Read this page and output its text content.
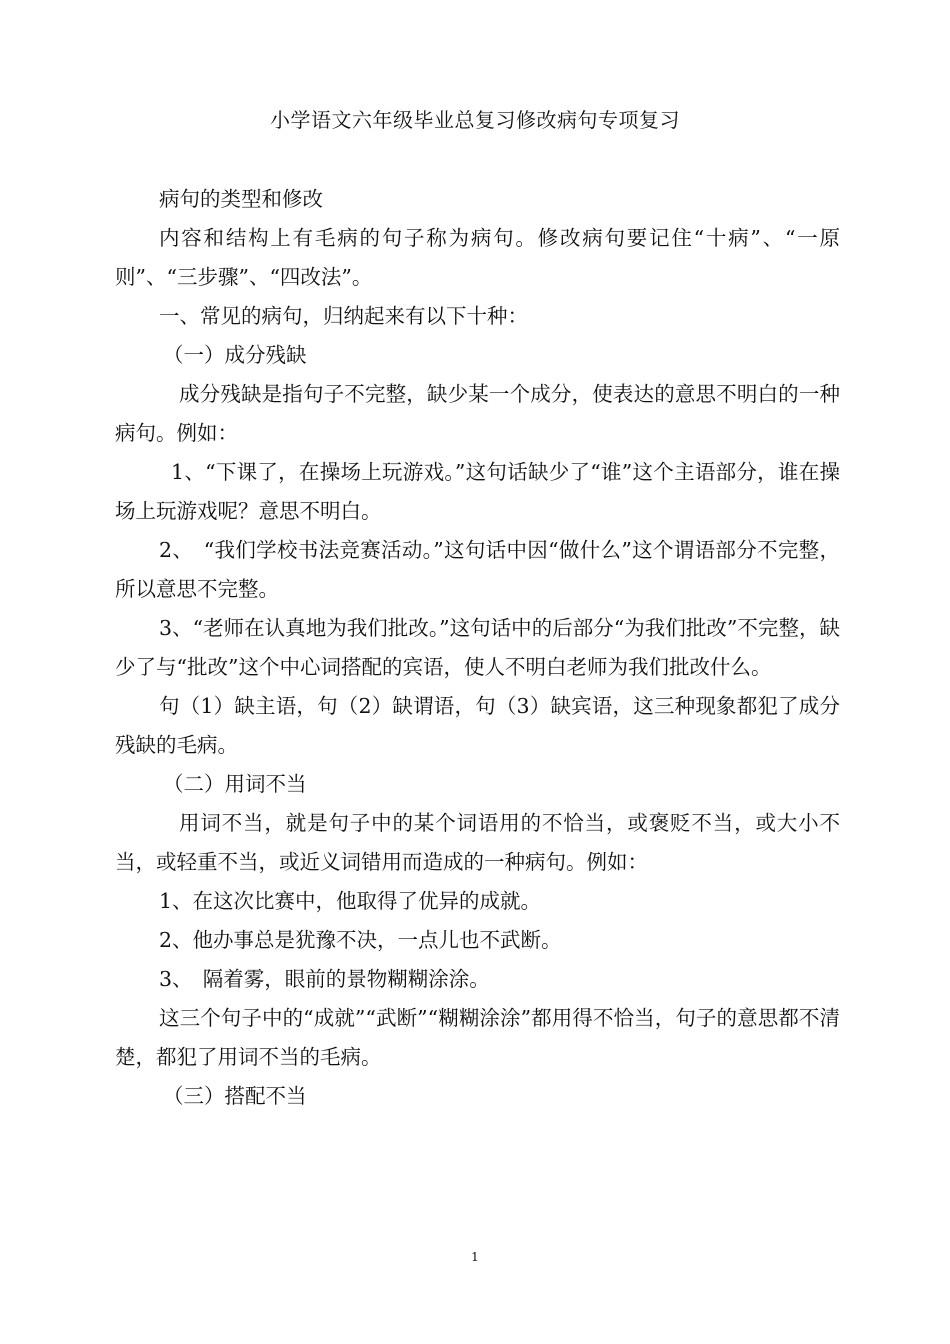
小学语文六年级毕业总复习修改病句专项复习

病句的类型和修改

内容和结构上有毛病的句子称为病句。修改病句要记住“十病”、“一原则”、“三步骤”、“四改法”。

一、常见的病句，归纳起来有以下十种：

（一）成分残缺

成分残缺是指句子不完整，缺少某一个成分，使表达的意思不明白的一种病句。例如：

1、“下课了，在操场上玩游戏。”这句话缺少了“谁”这个主语部分，谁在操场上玩游戏呢？意思不明白。

2、　“我们学校书法竞赛活动。”这句话中因“做什么”这个谓语部分不完整，所以意思不完整。

3、“老师在认真地为我们批改。”这句话中的后部分“为我们批改”不完整，缺少了与“批改”这个中心词搭配的宾语，使人不明白老师为我们批改什么。

句（1）缺主语，句（2）缺谓语，句（3）缺宾语，这三种现象都犯了成分残缺的毛病。

（二）用词不当

用词不当，就是句子中的某个词语用的不恰当，或褒贬不当，或大小不当，或轻重不当，或近义词错用而造成的一种病句。例如：

1、在这次比赛中，他取得了优异的成就。

2、他办事总是犹豫不决，一点儿也不武断。

3、　隔着雾，眼前的景物糊糊涂涂。

这三个句子中的“成就”“武断”“糊糊涂涂”都用得不恰当，句子的意思都不清楚，都犯了用词不当的毛病。

（三）搭配不当

1
